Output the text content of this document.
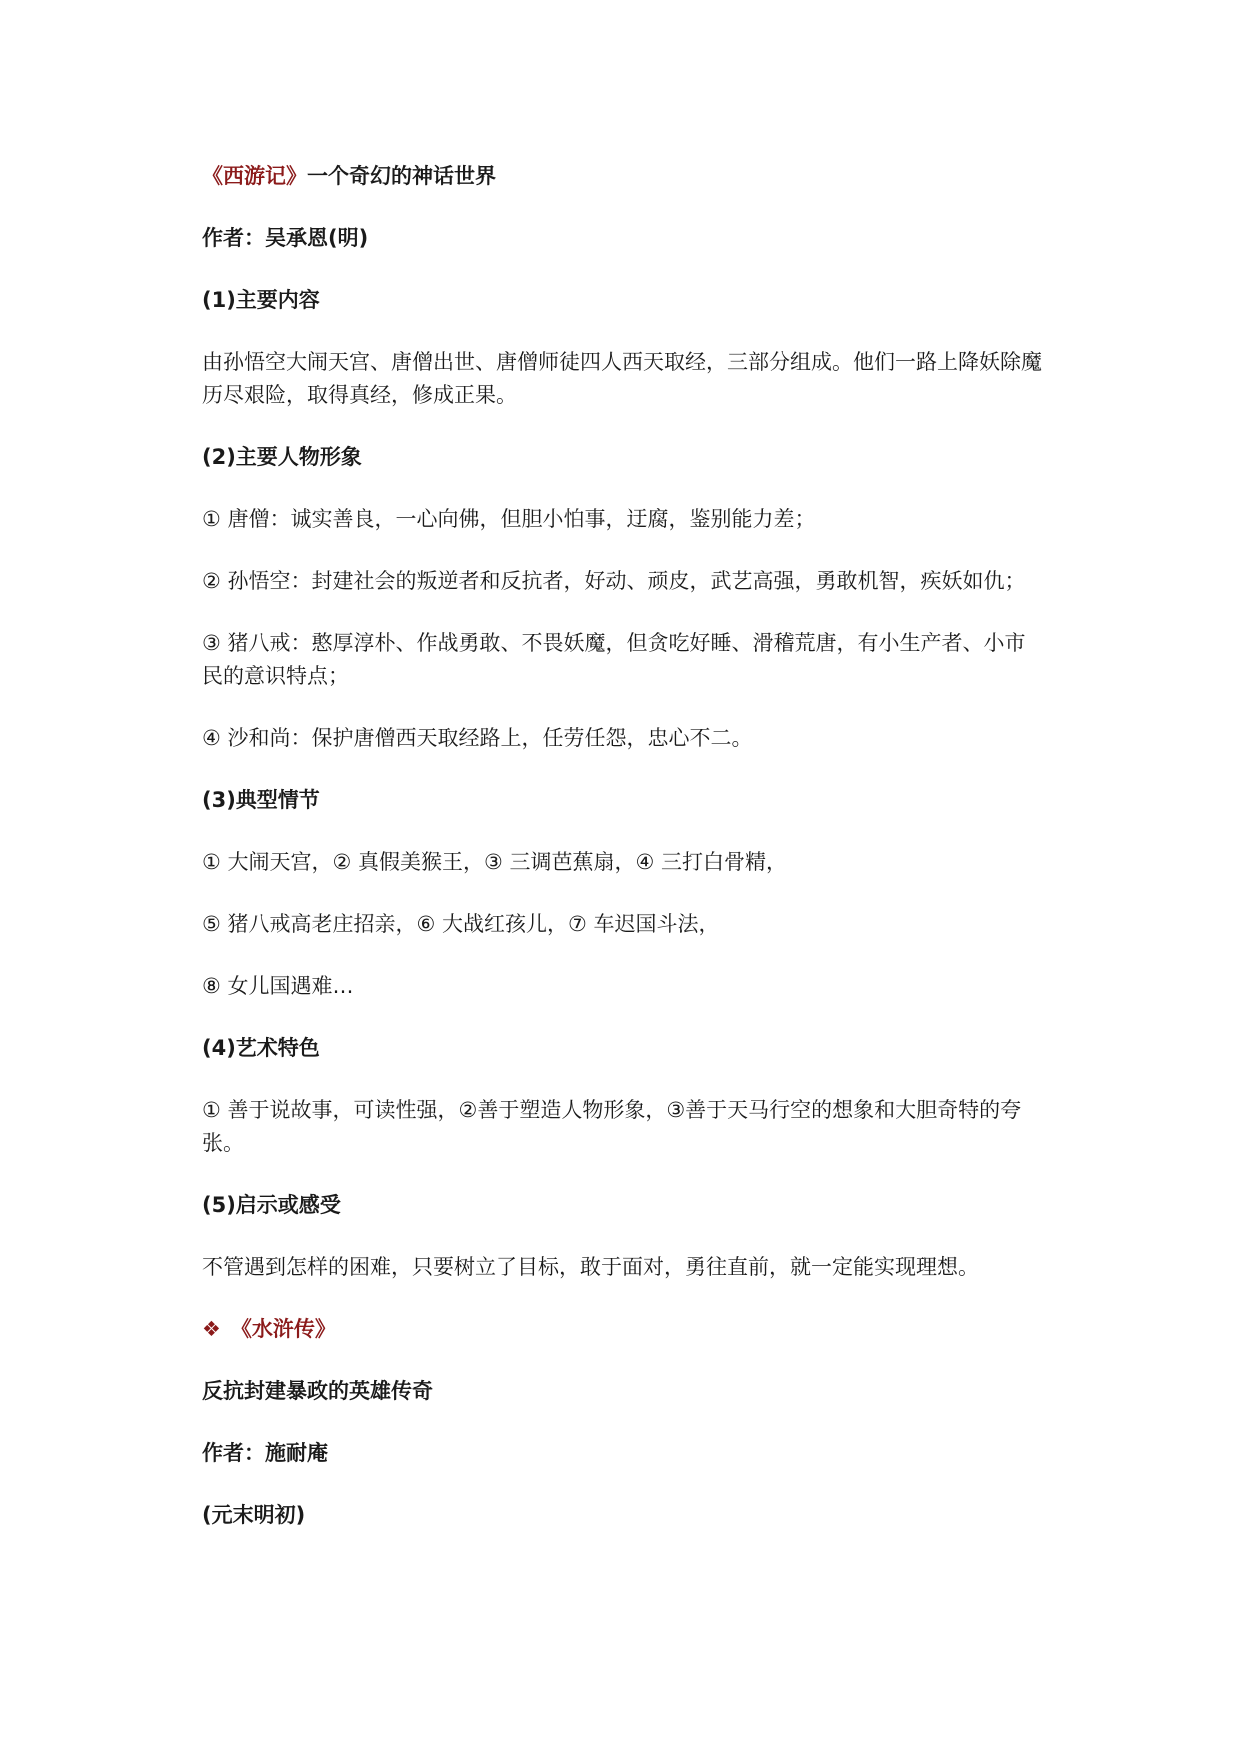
《西游记》一个奇幻的神话世界

作者：吴承恩(明)

(1)主要内容

由孙悟空大闹天宫、唐僧出世、唐僧师徒四人西天取经，三部分组成。他们一路上降妖除魔历尽艰险，取得真经，修成正果。

(2)主要人物形象

① 唐僧：诚实善良，一心向佛，但胆小怕事，迂腐，鉴别能力差；

② 孙悟空：封建社会的叛逆者和反抗者，好动、顽皮，武艺高强，勇敢机智，疾妖如仇；

③ 猪八戒：憨厚淳朴、作战勇敢、不畏妖魔，但贪吃好睡、滑稽荒唐，有小生产者、小市民的意识特点；

④ 沙和尚：保护唐僧西天取经路上，任劳任怨，忠心不二。

(3)典型情节

① 大闹天宫，② 真假美猴王，③ 三调芭蕉扇，④ 三打白骨精，

⑤ 猪八戒高老庄招亲，⑥ 大战红孩儿，⑦ 车迟国斗法，

⑧ 女儿国遇难…

(4)艺术特色

① 善于说故事，可读性强，②善于塑造人物形象，③善于天马行空的想象和大胆奇特的夸张。

(5)启示或感受

不管遇到怎样的困难，只要树立了目标，敢于面对，勇往直前，就一定能实现理想。

❖ 《水浒传》

反抗封建暴政的英雄传奇

作者：施耐庵

(元末明初)
